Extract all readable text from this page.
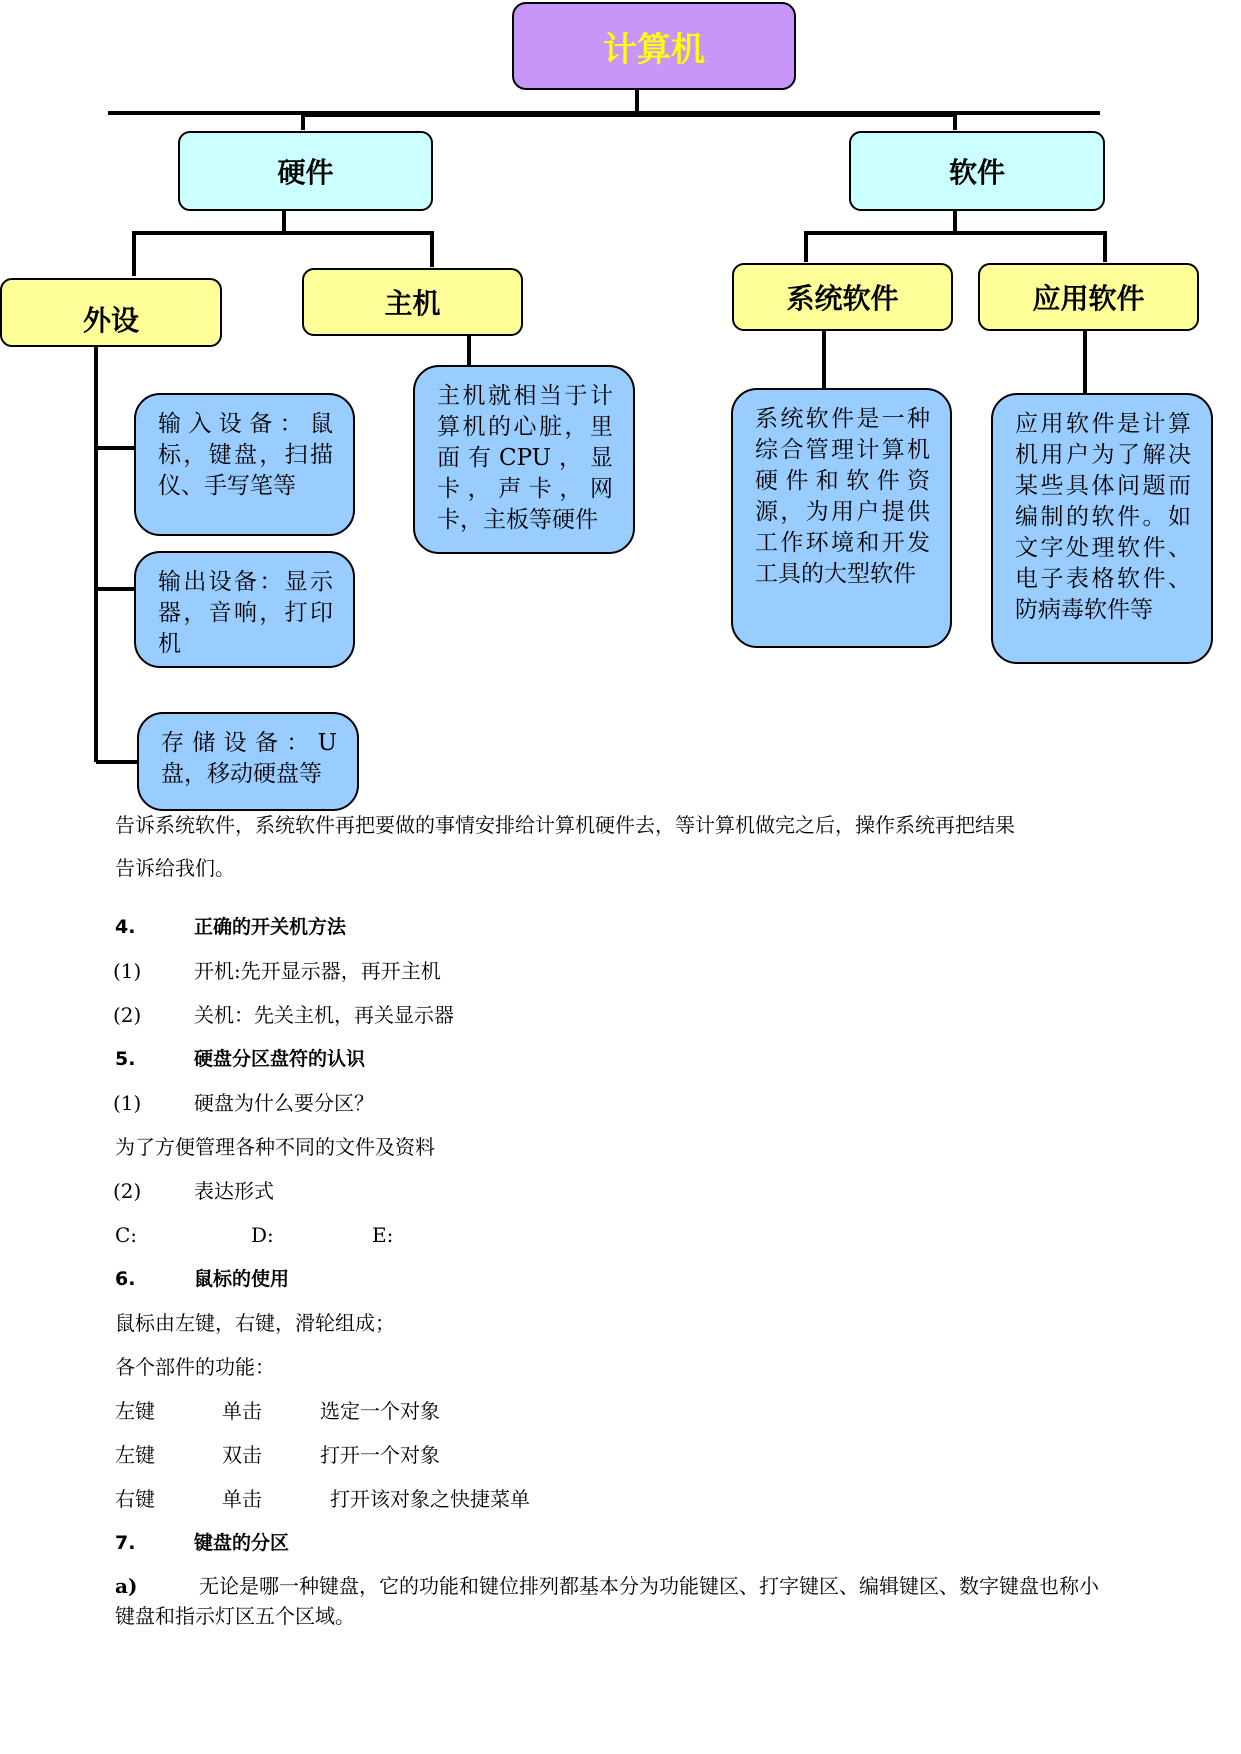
计算机
硬件	软件
外设	主机	系统软件	应用软件
输入设备：鼠标，键盘，扫描仪、手写笔等
输出设备：显示器，音响，打印机
存储设备：U盘，移动硬盘等
主机就相当于计算机的心脏，里面有CPU，显卡，声卡，网卡，主板等硬件
系统软件是一种综合管理计算机硬件和软件资源，为用户提供工作环境和开发工具的大型软件
应用软件是计算机用户为了解决某些具体问题而编制的软件。如文字处理软件、电子表格软件、防病毒软件等
告诉系统软件，系统软件再把要做的事情安排给计算机硬件去，等计算机做完之后，操作系统再把结果
告诉给我们。
4.	正确的开关机方法
(1)	开机:先开显示器，再开主机
(2)	关机：先关主机，再关显示器
5.	硬盘分区盘符的认识
(1)	硬盘为什么要分区？
为了方便管理各种不同的文件及资料
(2)	表达形式
C:	D:	E:
6.	鼠标的使用
鼠标由左键，右键，滑轮组成；
各个部件的功能：
左键	单击	选定一个对象
左键	双击	打开一个对象
右键	单击	打开该对象之快捷菜单
7.	键盘的分区
a)	无论是哪一种键盘，它的功能和键位排列都基本分为功能键区、打字键区、编辑键区、数字键盘也称小键盘和指示灯区五个区域。
